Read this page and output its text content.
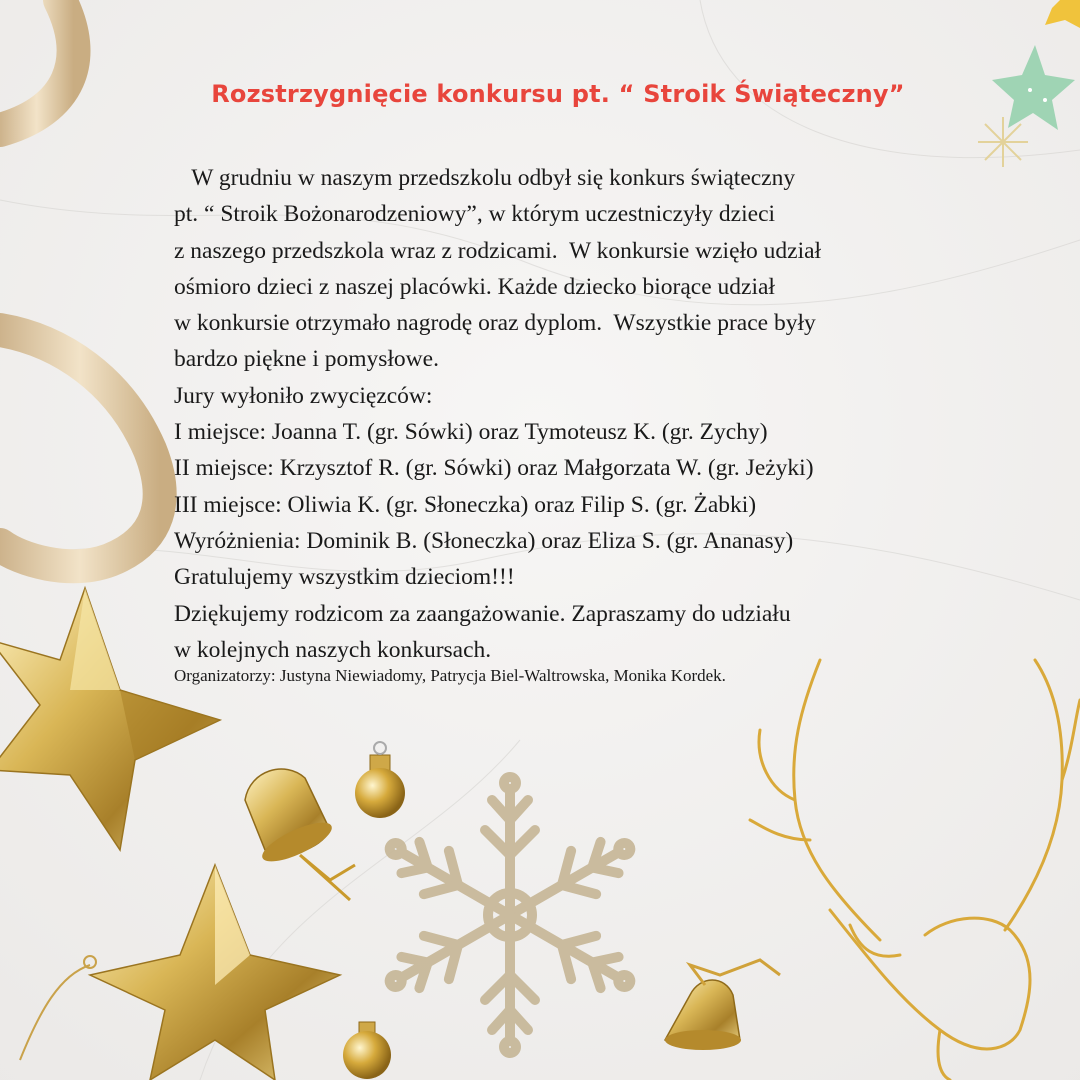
Rozstrzygnięcie konkursu pt. “ Stroik Świąteczny”
W grudniu w naszym przedszkolu odbył się konkurs świąteczny
pt. “ Stroik Bożonarodzeniowy”, w którym uczestniczyły dzieci
z naszego przedszkola wraz z rodzicami.  W konkursie wzięło udział
ośmioro dzieci z naszej placówki. Każde dziecko biorące udział
w konkursie otrzymało nagrodę oraz dyplom.  Wszystkie prace były
bardzo piękne i pomysłowe.
Jury wyłoniło zwycięzców:
I miejsce: Joanna T. (gr. Sówki) oraz Tymoteusz K. (gr. Zychy)
II miejsce: Krzysztof R. (gr. Sówki) oraz Małgorzata W. (gr. Jeżyki)
III miejsce: Oliwia K. (gr. Słoneczka) oraz Filip S. (gr. Żabki)
Wyróżnienia: Dominik B. (Słoneczka) oraz Eliza S. (gr. Ananasy)
Gratulujemy wszystkim dzieciom!!!
Dziękujemy rodzicom za zaangażowanie. Zapraszamy do udziału
w kolejnych naszych konkursach.
Organizatorzy: Justyna Niewiadomy, Patrycja Biel-Waltrowska, Monika Kordek.
